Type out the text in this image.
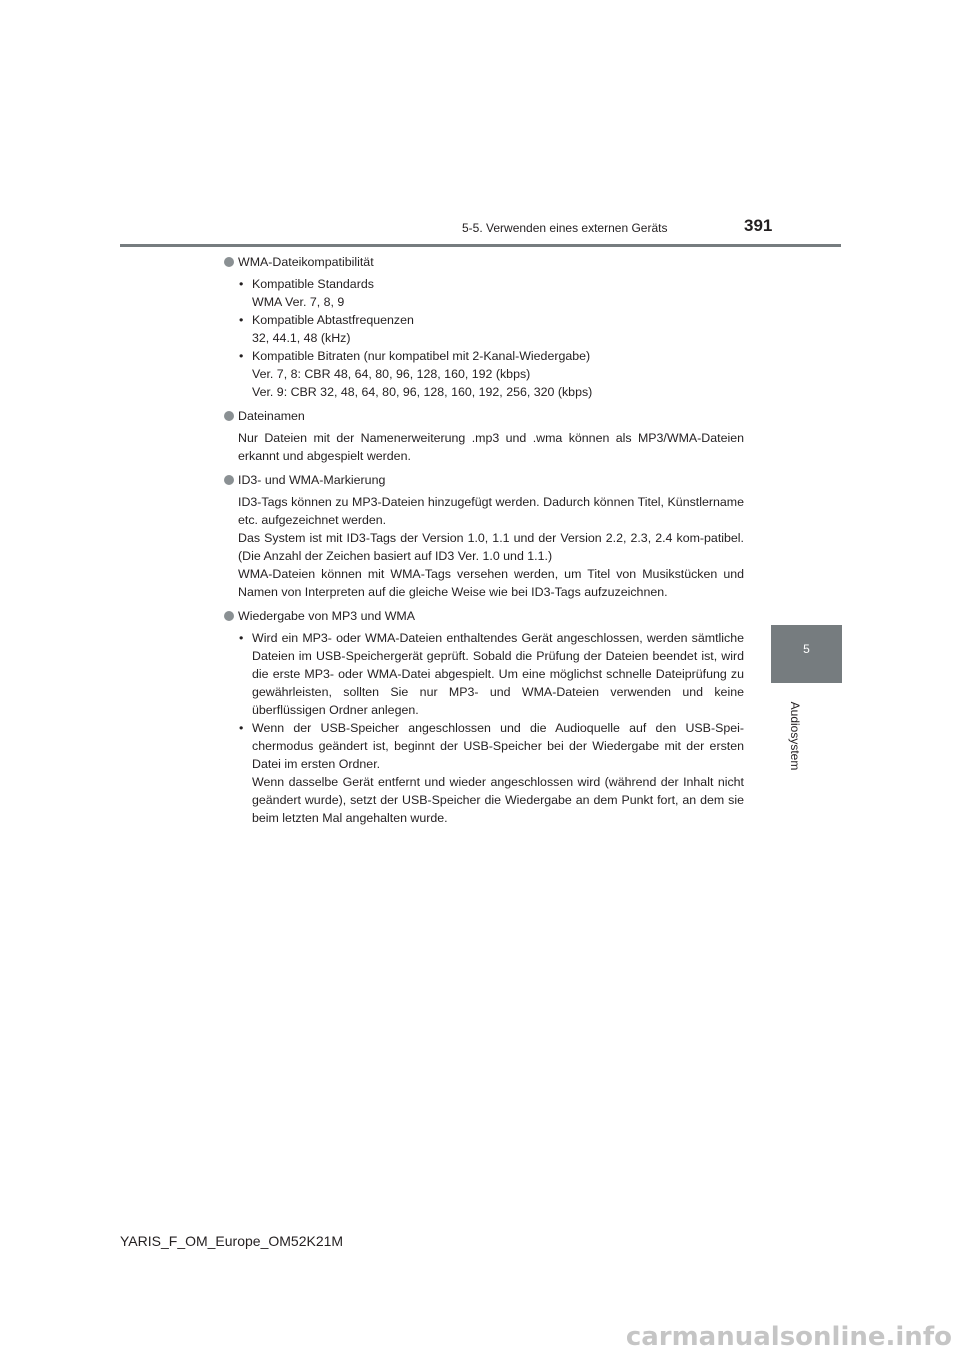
5-5. Verwenden eines externen Geräts	391
5
Audiosystem
WMA-Dateikompatibilität
• Kompatible Standards
WMA Ver. 7, 8, 9
• Kompatible Abtastfrequenzen
32, 44.1, 48 (kHz)
• Kompatible Bitraten (nur kompatibel mit 2-Kanal-Wiedergabe)
Ver. 7, 8: CBR 48, 64, 80, 96, 128, 160, 192 (kbps)
Ver. 9: CBR 32, 48, 64, 80, 96, 128, 160, 192, 256, 320 (kbps)
Dateinamen

Nur Dateien mit der Namenerweiterung .mp3 und .wma können als MP3/WMA-Dateien erkannt und abgespielt werden.

ID3- und WMA-Markierung

ID3-Tags können zu MP3-Dateien hinzugefügt werden. Dadurch können Titel, Künstlername etc. aufgezeichnet werden.

Das System ist mit ID3-Tags der Version 1.0, 1.1 und der Version 2.2, 2.3, 2.4 kom-patibel. (Die Anzahl der Zeichen basiert auf ID3 Ver. 1.0 und 1.1.)

WMA-Dateien können mit WMA-Tags versehen werden, um Titel von Musikstücken und Namen von Interpreten auf die gleiche Weise wie bei ID3-Tags aufzuzeichnen.

Wiedergabe von MP3 und WMA
• Wird ein MP3- oder WMA-Dateien enthaltendes Gerät angeschlossen, werden sämtliche Dateien im USB-Speichergerät geprüft. Sobald die Prüfung der Dateien beendet ist, wird die erste MP3- oder WMA-Datei abgespielt. Um eine möglichst schnelle Dateiprüfung zu gewährleisten, sollten Sie nur MP3- und WMA-Dateien verwenden und keine überflüssigen Ordner anlegen.
• Wenn der USB-Speicher angeschlossen und die Audioquelle auf den USB-Spei-chermodus geändert ist, beginnt der USB-Speicher bei der Wiedergabe mit der ersten Datei im ersten Ordner.
Wenn dasselbe Gerät entfernt und wieder angeschlossen wird (während der Inhalt nicht geändert wurde), setzt der USB-Speicher die Wiedergabe an dem Punkt fort, an dem sie beim letzten Mal angehalten wurde.
YARIS_F_OM_Europe_OM52K21M
carmanualsonline.info
